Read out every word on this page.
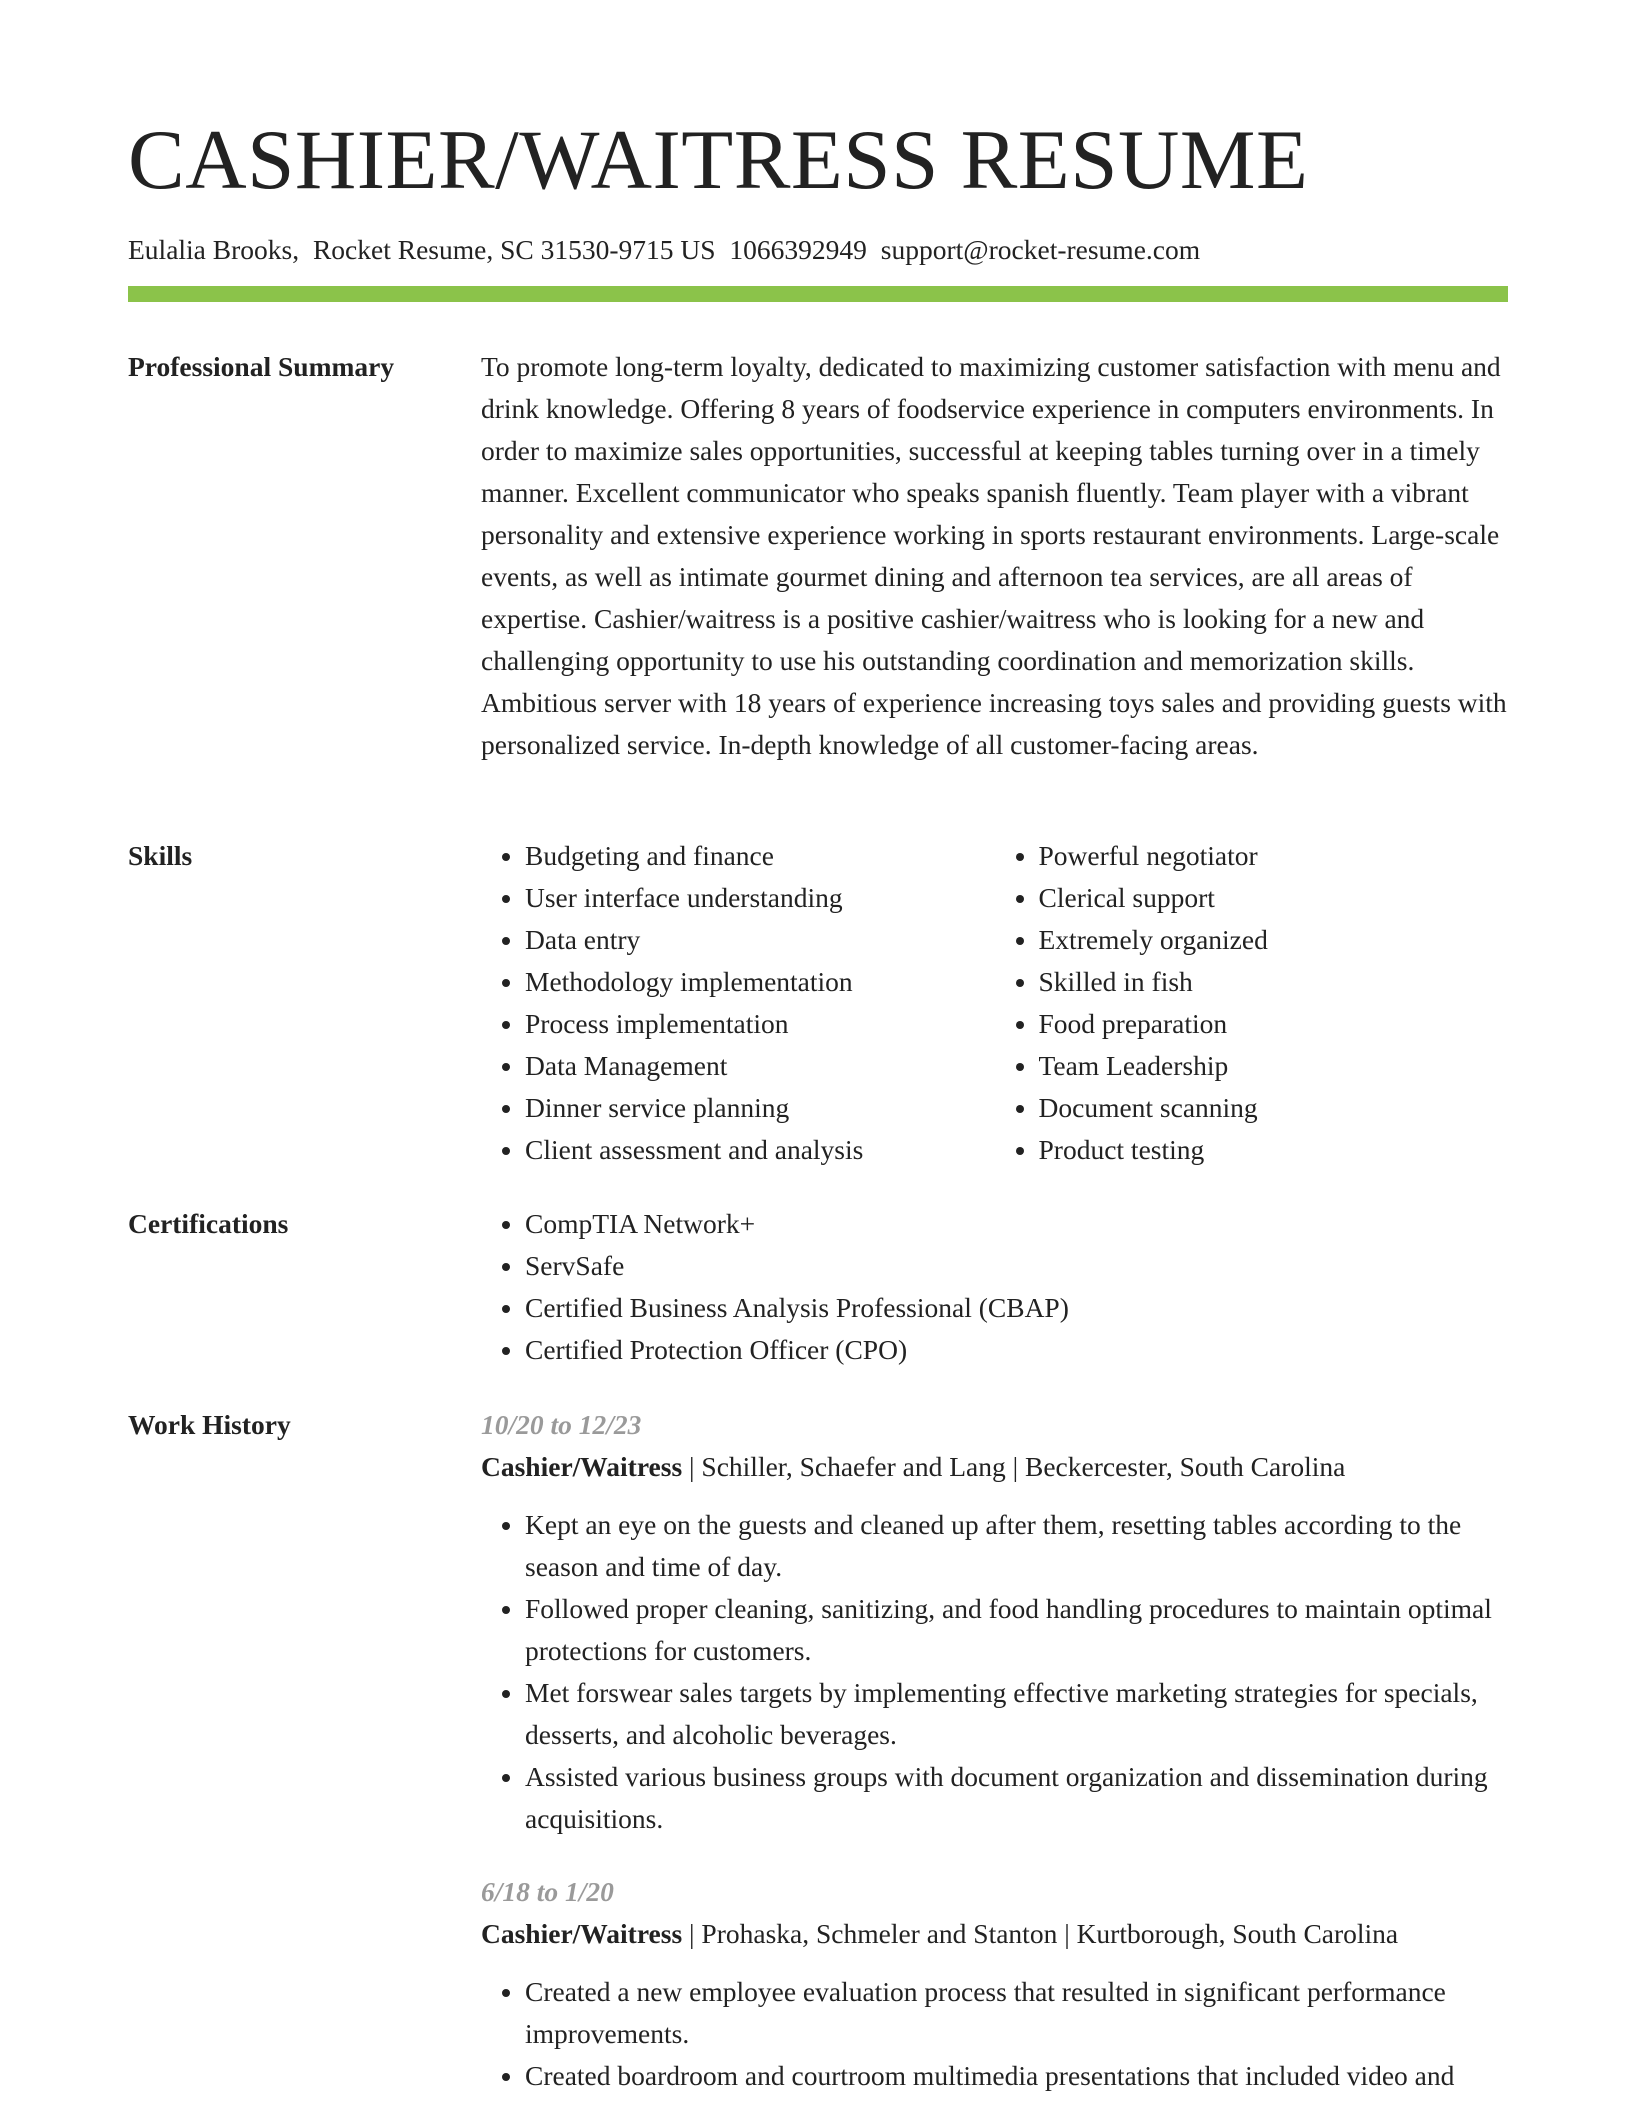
CASHIER/WAITRESS RESUME
Eulalia Brooks, Rocket Resume, SC 31530-9715 US 1066392949 support@rocket-resume.com
Professional Summary	To promote long-term loyalty, dedicated to maximizing customer satisfaction with menu and drink knowledge. Offering 8 years of foodservice experience in computers environments. In order to maximize sales opportunities, successful at keeping tables turning over in a timely manner. Excellent communicator who speaks spanish fluently. Team player with a vibrant personality and extensive experience working in sports restaurant environments. Large-scale events, as well as intimate gourmet dining and afternoon tea services, are all areas of expertise. Cashier/waitress is a positive cashier/waitress who is looking for a new and challenging opportunity to use his outstanding coordination and memorization skills. Ambitious server with 18 years of experience increasing toys sales and providing guests with personalized service. In-depth knowledge of all customer-facing areas.

Skills	• Budgeting and finance
• User interface understanding
• Data entry
• Methodology implementation
• Process implementation
• Data Management
• Dinner service planning
• Client assessment and analysis
• Powerful negotiator
• Clerical support
• Extremely organized
• Skilled in fish
• Food preparation
• Team Leadership
• Document scanning
• Product testing
Certifications	• CompTIA Network+
• ServSafe
• Certified Business Analysis Professional (CBAP)
• Certified Protection Officer (CPO)
Work History	10/20 to 12/23
Cashier/Waitress | Schiller, Schaefer and Lang | Beckercester, South Carolina
• Kept an eye on the guests and cleaned up after them, resetting tables according to the season and time of day.
• Followed proper cleaning, sanitizing, and food handling procedures to maintain optimal protections for customers.
• Met forswear sales targets by implementing effective marketing strategies for specials, desserts, and alcoholic beverages.
• Assisted various business groups with document organization and dissemination during acquisitions.
6/18 to 1/20
Cashier/Waitress | Prohaska, Schmeler and Stanton | Kurtborough, South Carolina
• Created a new employee evaluation process that resulted in significant performance improvements.
• Created boardroom and courtroom multimedia presentations that included video and
